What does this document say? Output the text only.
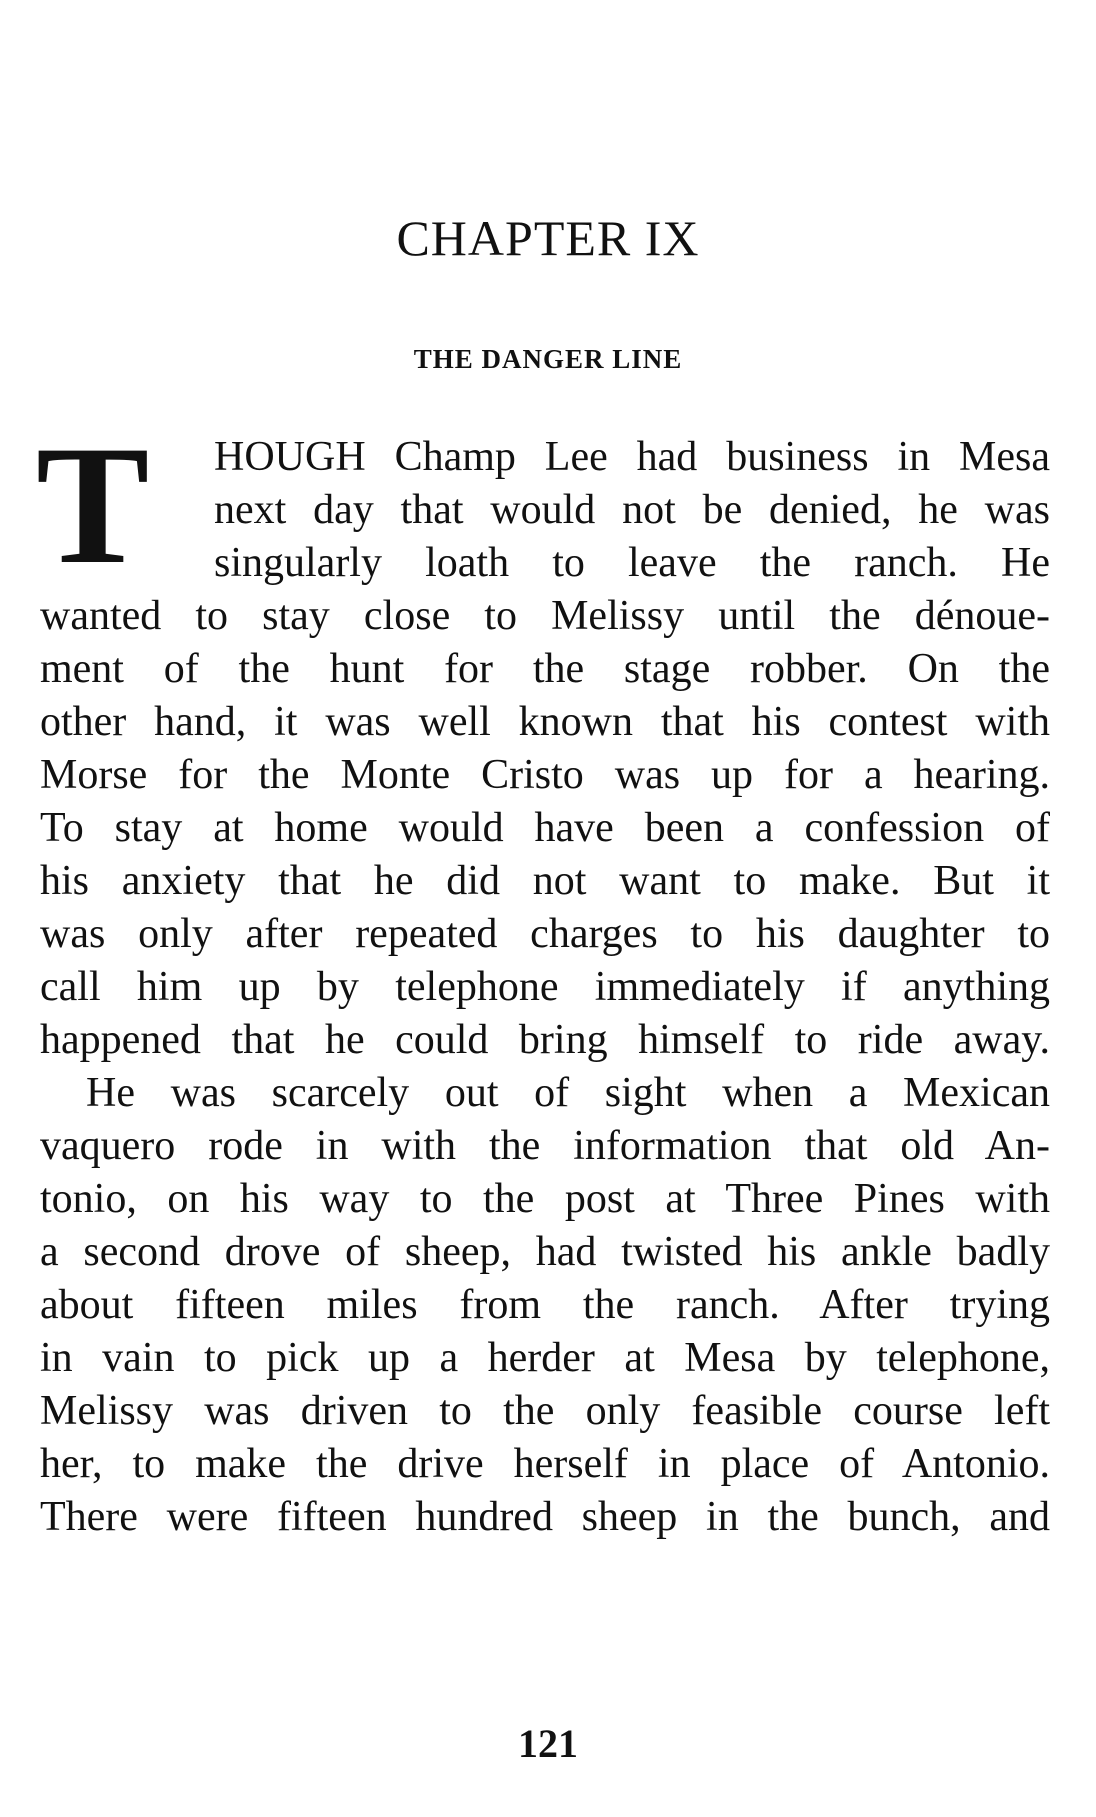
CHAPTER IX
THE DANGER LINE
T HOUGH Champ Lee had business in Mesa
next day that would not be denied, he was
singularly loath to leave the ranch. He
wanted to stay close to Melissy until the dénoue-
ment of the hunt for the stage robber. On the
other hand, it was well known that his contest with
Morse for the Monte Cristo was up for a hearing.
To stay at home would have been a confession of
his anxiety that he did not want to make. But it
was only after repeated charges to his daughter to
call him up by telephone immediately if anything
happened that he could bring himself to ride away.
He was scarcely out of sight when a Mexican
vaquero rode in with the information that old An-
tonio, on his way to the post at Three Pines with
a second drove of sheep, had twisted his ankle badly
about fifteen miles from the ranch. After trying
in vain to pick up a herder at Mesa by telephone,
Melissy was driven to the only feasible course left
her, to make the drive herself in place of Antonio.
There were fifteen hundred sheep in the bunch, and
121
